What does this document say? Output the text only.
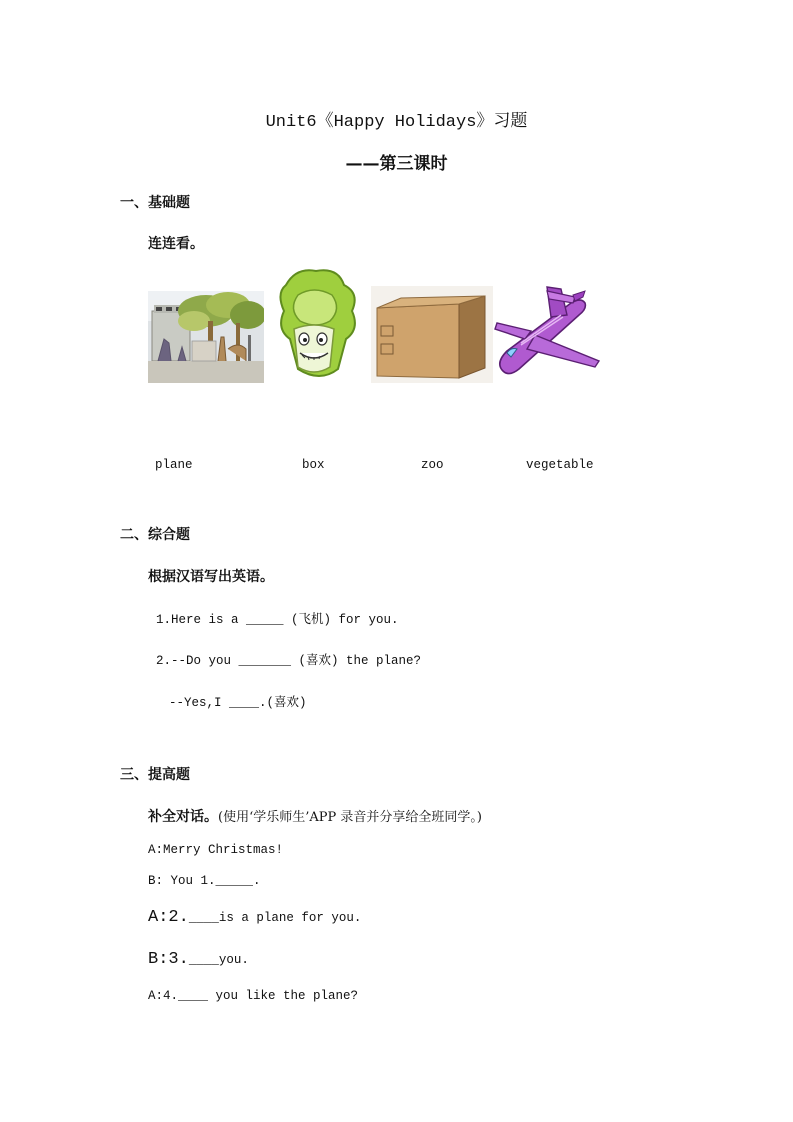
Unit6《Happy Holidays》习题
——第三课时
一、基础题
连连看。
plane	box	zoo	vegetable
二、综合题
根据汉语写出英语。
1.Here is a _____ (飞机) for you.
2.--Do you _______ (喜欢) the plane?
--Yes,I ____.(喜欢)
三、提高题
补全对话。(使用‘学乐师生’APP 录音并分享给全班同学。)
A:Merry Christmas!
B: You 1._____.
A:2.____is a plane for you.
B:3.____you.
A:4.____ you like the plane?
